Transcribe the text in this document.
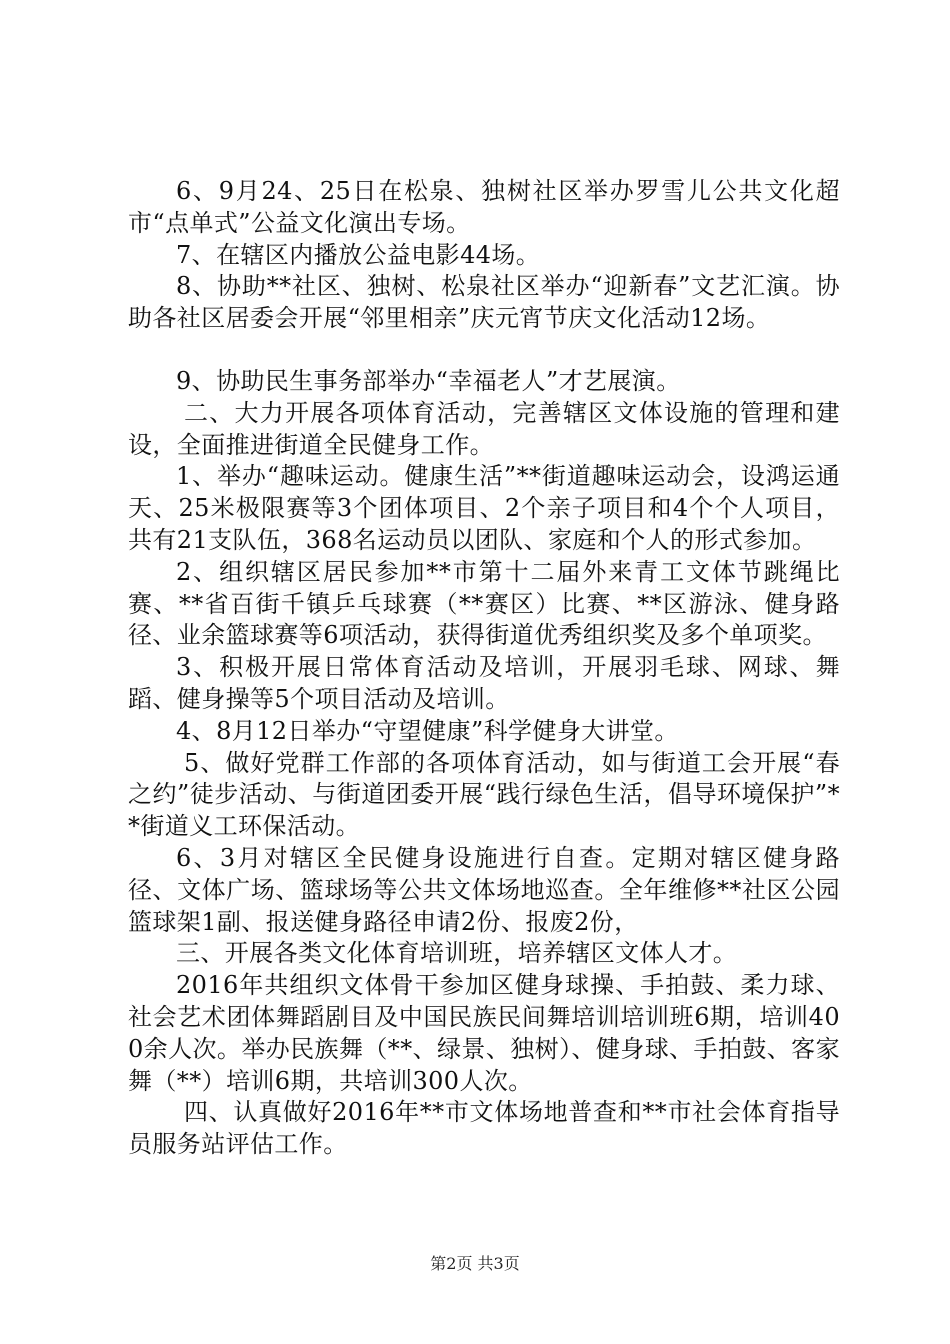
6、9月24、25日在松泉、独树社区举办罗雪儿公共文化超市“点单式”公益文化演出专场。

7、在辖区内播放公益电影44场。

8、协助**社区、独树、松泉社区举办“迎新春”文艺汇演。协助各社区居委会开展“邻里相亲”庆元宵节庆文化活动12场。

9、协助民生事务部举办“幸福老人”才艺展演。

二、大力开展各项体育活动，完善辖区文体设施的管理和建设，全面推进街道全民健身工作。

1、举办“趣味运动。健康生活”**街道趣味运动会，设鸿运通天、25米极限赛等3个团体项目、2个亲子项目和4个个人项目，共有21支队伍，368名运动员以团队、家庭和个人的形式参加。

2、组织辖区居民参加**市第十二届外来青工文体节跳绳比赛、**省百街千镇乒乓球赛（**赛区）比赛、**区游泳、健身路径、业余篮球赛等6项活动，获得街道优秀组织奖及多个单项奖。

3、积极开展日常体育活动及培训，开展羽毛球、网球、舞蹈、健身操等5个项目活动及培训。

4、8月12日举办“守望健康”科学健身大讲堂。

5、做好党群工作部的各项体育活动，如与街道工会开展“春之约”徒步活动、与街道团委开展“践行绿色生活，倡导环境保护”**街道义工环保活动。

6、3月对辖区全民健身设施进行自查。定期对辖区健身路径、文体广场、篮球场等公共文体场地巡查。全年维修**社区公园篮球架1副、报送健身路径申请2份、报废2份，

三、开展各类文化体育培训班，培养辖区文体人才。

2016年共组织文体骨干参加区健身球操、手拍鼓、柔力球、社会艺术团体舞蹈剧目及中国民族民间舞培训培训班6期，培训400余人次。举办民族舞（**、绿景、独树）、健身球、手拍鼓、客家舞（**）培训6期，共培训300人次。

四、认真做好2016年**市文体场地普查和**市社会体育指导员服务站评估工作。

第2页 共3页
